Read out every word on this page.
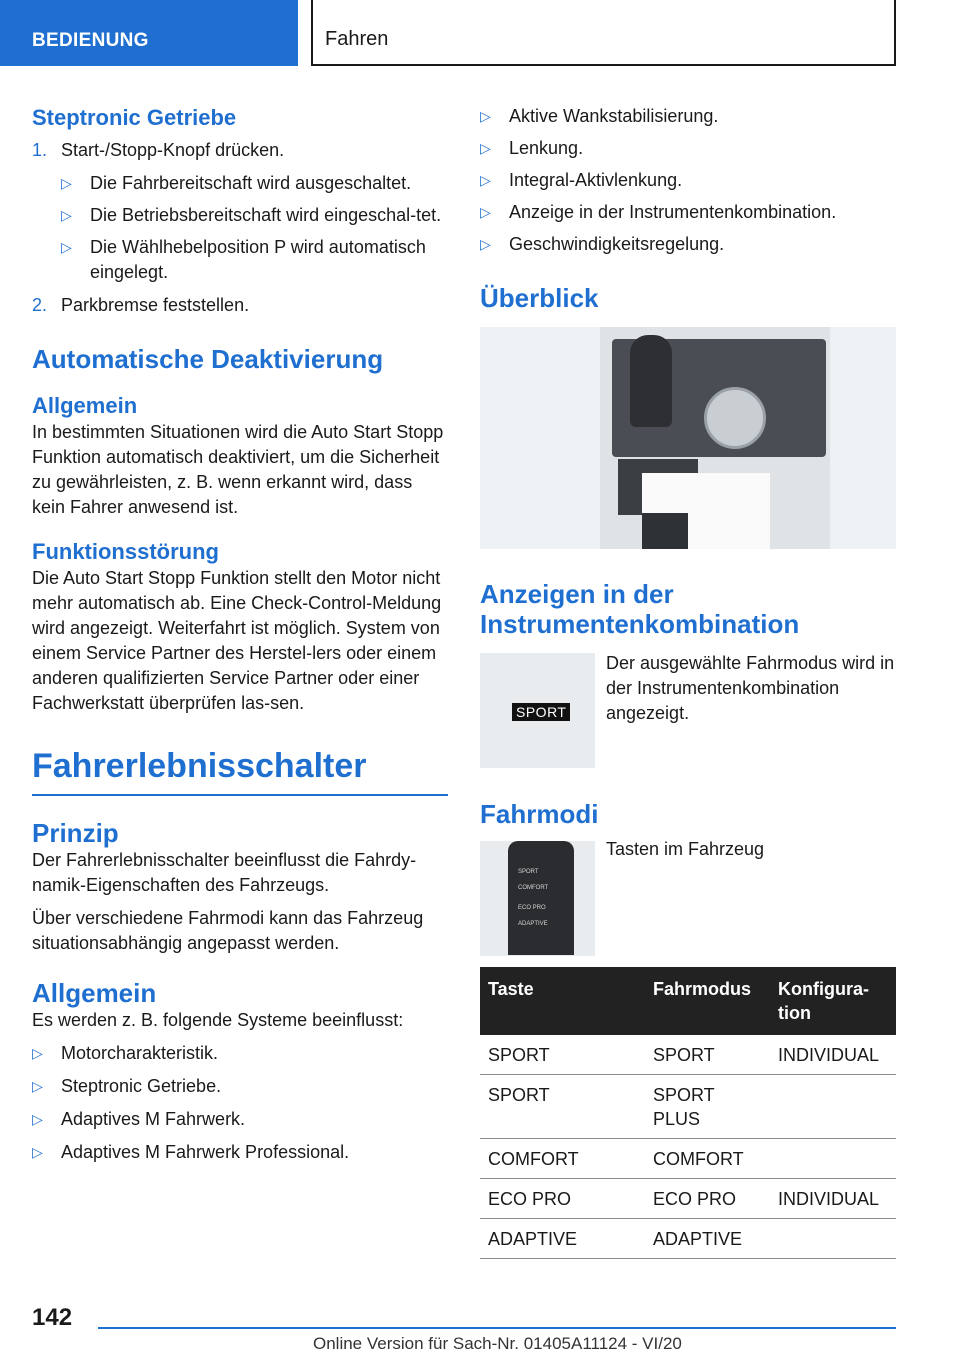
BEDIENUNG	Fahren
Steptronic Getriebe
1. Start-/Stopp-Knopf drücken.
▷ Die Fahrbereitschaft wird ausgeschaltet.
▷ Die Betriebsbereitschaft wird eingeschal-tet.
▷ Die Wählhebelposition P wird automatisch eingelegt.
2. Parkbremse feststellen.
Automatische Deaktivierung
Allgemein
In bestimmten Situationen wird die Auto Start Stopp Funktion automatisch deaktiviert, um die Sicherheit zu gewährleisten, z. B. wenn erkannt wird, dass kein Fahrer anwesend ist.
Funktionsstörung
Die Auto Start Stopp Funktion stellt den Motor nicht mehr automatisch ab. Eine Check-Control-Meldung wird angezeigt. Weiterfahrt ist möglich. System von einem Service Partner des Herstel-lers oder einem anderen qualifizierten Service Partner oder einer Fachwerkstatt überprüfen las-sen.
Fahrerlebnisschalter
Prinzip
Der Fahrerlebnisschalter beeinflusst die Fahrdy-namik-Eigenschaften des Fahrzeugs.
Über verschiedene Fahrmodi kann das Fahrzeug situationsabhängig angepasst werden.
Allgemein
Es werden z. B. folgende Systeme beeinflusst:
▷ Motorcharakteristik.
▷ Steptronic Getriebe.
▷ Adaptives M Fahrwerk.
▷ Adaptives M Fahrwerk Professional.
▷ Aktive Wankstabilisierung.
▷ Lenkung.
▷ Integral-Aktivlenkung.
▷ Anzeige in der Instrumentenkombination.
▷ Geschwindigkeitsregelung.
Überblick
Anzeigen in der Instrumentenkombination
SPORT
Der ausgewählte Fahrmodus wird in der Instrumentenkombination angezeigt.
Fahrmodi
SPORT
COMFORT
ECO PRO
ADAPTIVE
Tasten im Fahrzeug
Taste	Fahrmodus	Konfigura-tion
SPORT	SPORT	INDIVIDUAL
SPORT	SPORT PLUS	
COMFORT	COMFORT	
ECO PRO	ECO PRO	INDIVIDUAL
ADAPTIVE	ADAPTIVE	
142
Online Version für Sach-Nr. 01405A11124 - VI/20
